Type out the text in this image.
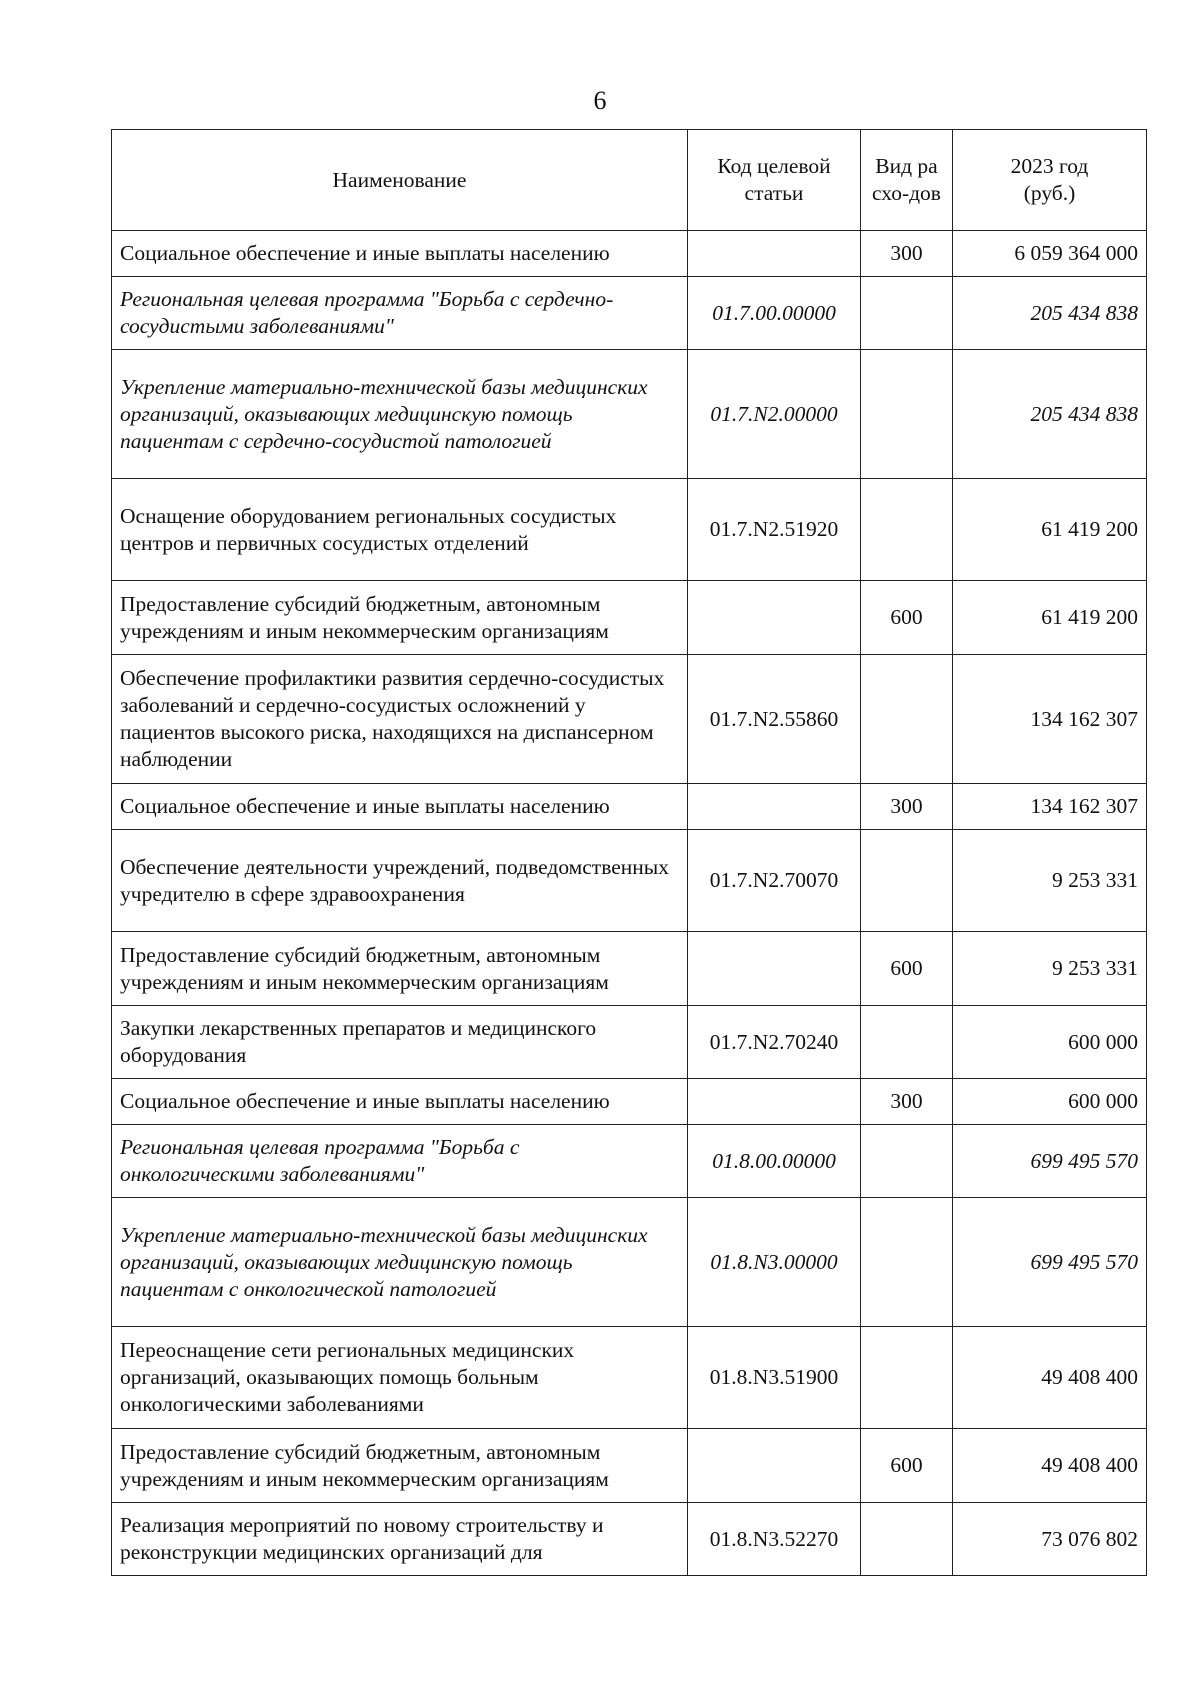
6
Наименование	Код целевой статьи	Вид расхо-дов	2023 год (руб.)
Социальное обеспечение и иные выплаты населению		300	6 059 364 000
Региональная целевая программа "Борьба с сердечно-сосудистыми заболеваниями"	01.7.00.00000		205 434 838
Укрепление материально-технической базы медицинских организаций, оказывающих медицинскую помощь пациентам с сердечно-сосудистой патологией	01.7.N2.00000		205 434 838
Оснащение оборудованием региональных сосудистых центров и первичных сосудистых отделений	01.7.N2.51920		61 419 200
Предоставление субсидий бюджетным, автономным учреждениям и иным некоммерческим организациям		600	61 419 200
Обеспечение профилактики развития сердечно-сосудистых заболеваний и сердечно-сосудистых осложнений у пациентов высокого риска, находящихся на диспансерном наблюдении	01.7.N2.55860		134 162 307
Социальное обеспечение и иные выплаты населению		300	134 162 307
Обеспечение деятельности учреждений, подведомственных учредителю в сфере здравоохранения	01.7.N2.70070		9 253 331
Предоставление субсидий бюджетным, автономным учреждениям и иным некоммерческим организациям		600	9 253 331
Закупки лекарственных препаратов и медицинского оборудования	01.7.N2.70240		600 000
Социальное обеспечение и иные выплаты населению		300	600 000
Региональная целевая программа "Борьба с онкологическими заболеваниями"	01.8.00.00000		699 495 570
Укрепление материально-технической базы медицинских организаций, оказывающих медицинскую помощь пациентам с онкологической патологией	01.8.N3.00000		699 495 570
Переоснащение сети региональных медицинских организаций, оказывающих помощь больным онкологическими заболеваниями	01.8.N3.51900		49 408 400
Предоставление субсидий бюджетным, автономным учреждениям и иным некоммерческим организациям		600	49 408 400
Реализация мероприятий по новому строительству и реконструкции медицинских организаций для	01.8.N3.52270		73 076 802
